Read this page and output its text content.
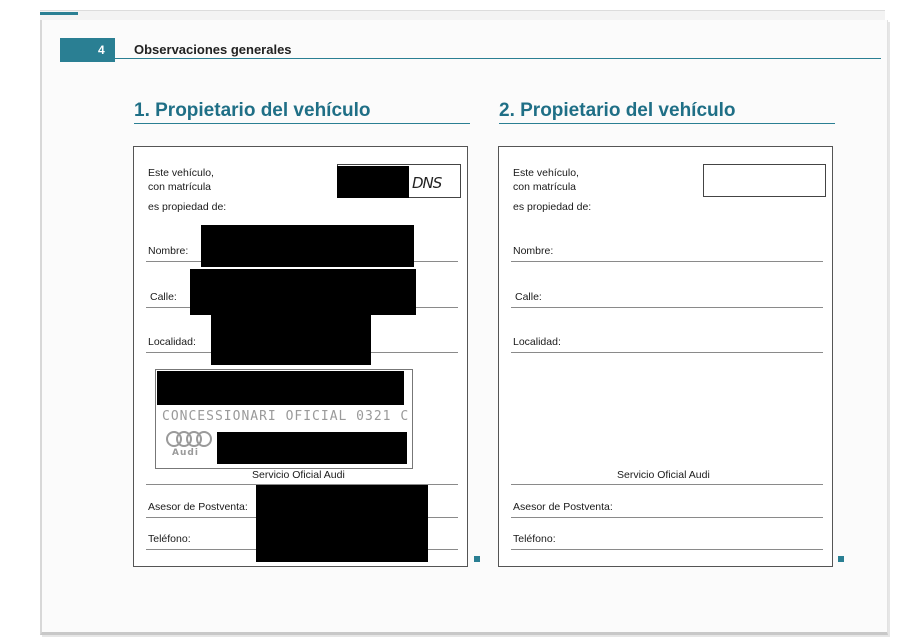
4	Observaciones generales
1. Propietario del vehículo
Este vehículo,
con matrícula
es propiedad de:
DNS
Nombre:
Calle:
Localidad:
CONCESSIONARI OFICIAL 0321 C
Audi
Servicio Oficial Audi
Asesor de Postventa:
Teléfono:
2. Propietario del vehículo
Este vehículo,
con matrícula
es propiedad de:
Nombre:
Calle:
Localidad:
Servicio Oficial Audi
Asesor de Postventa:
Teléfono:
